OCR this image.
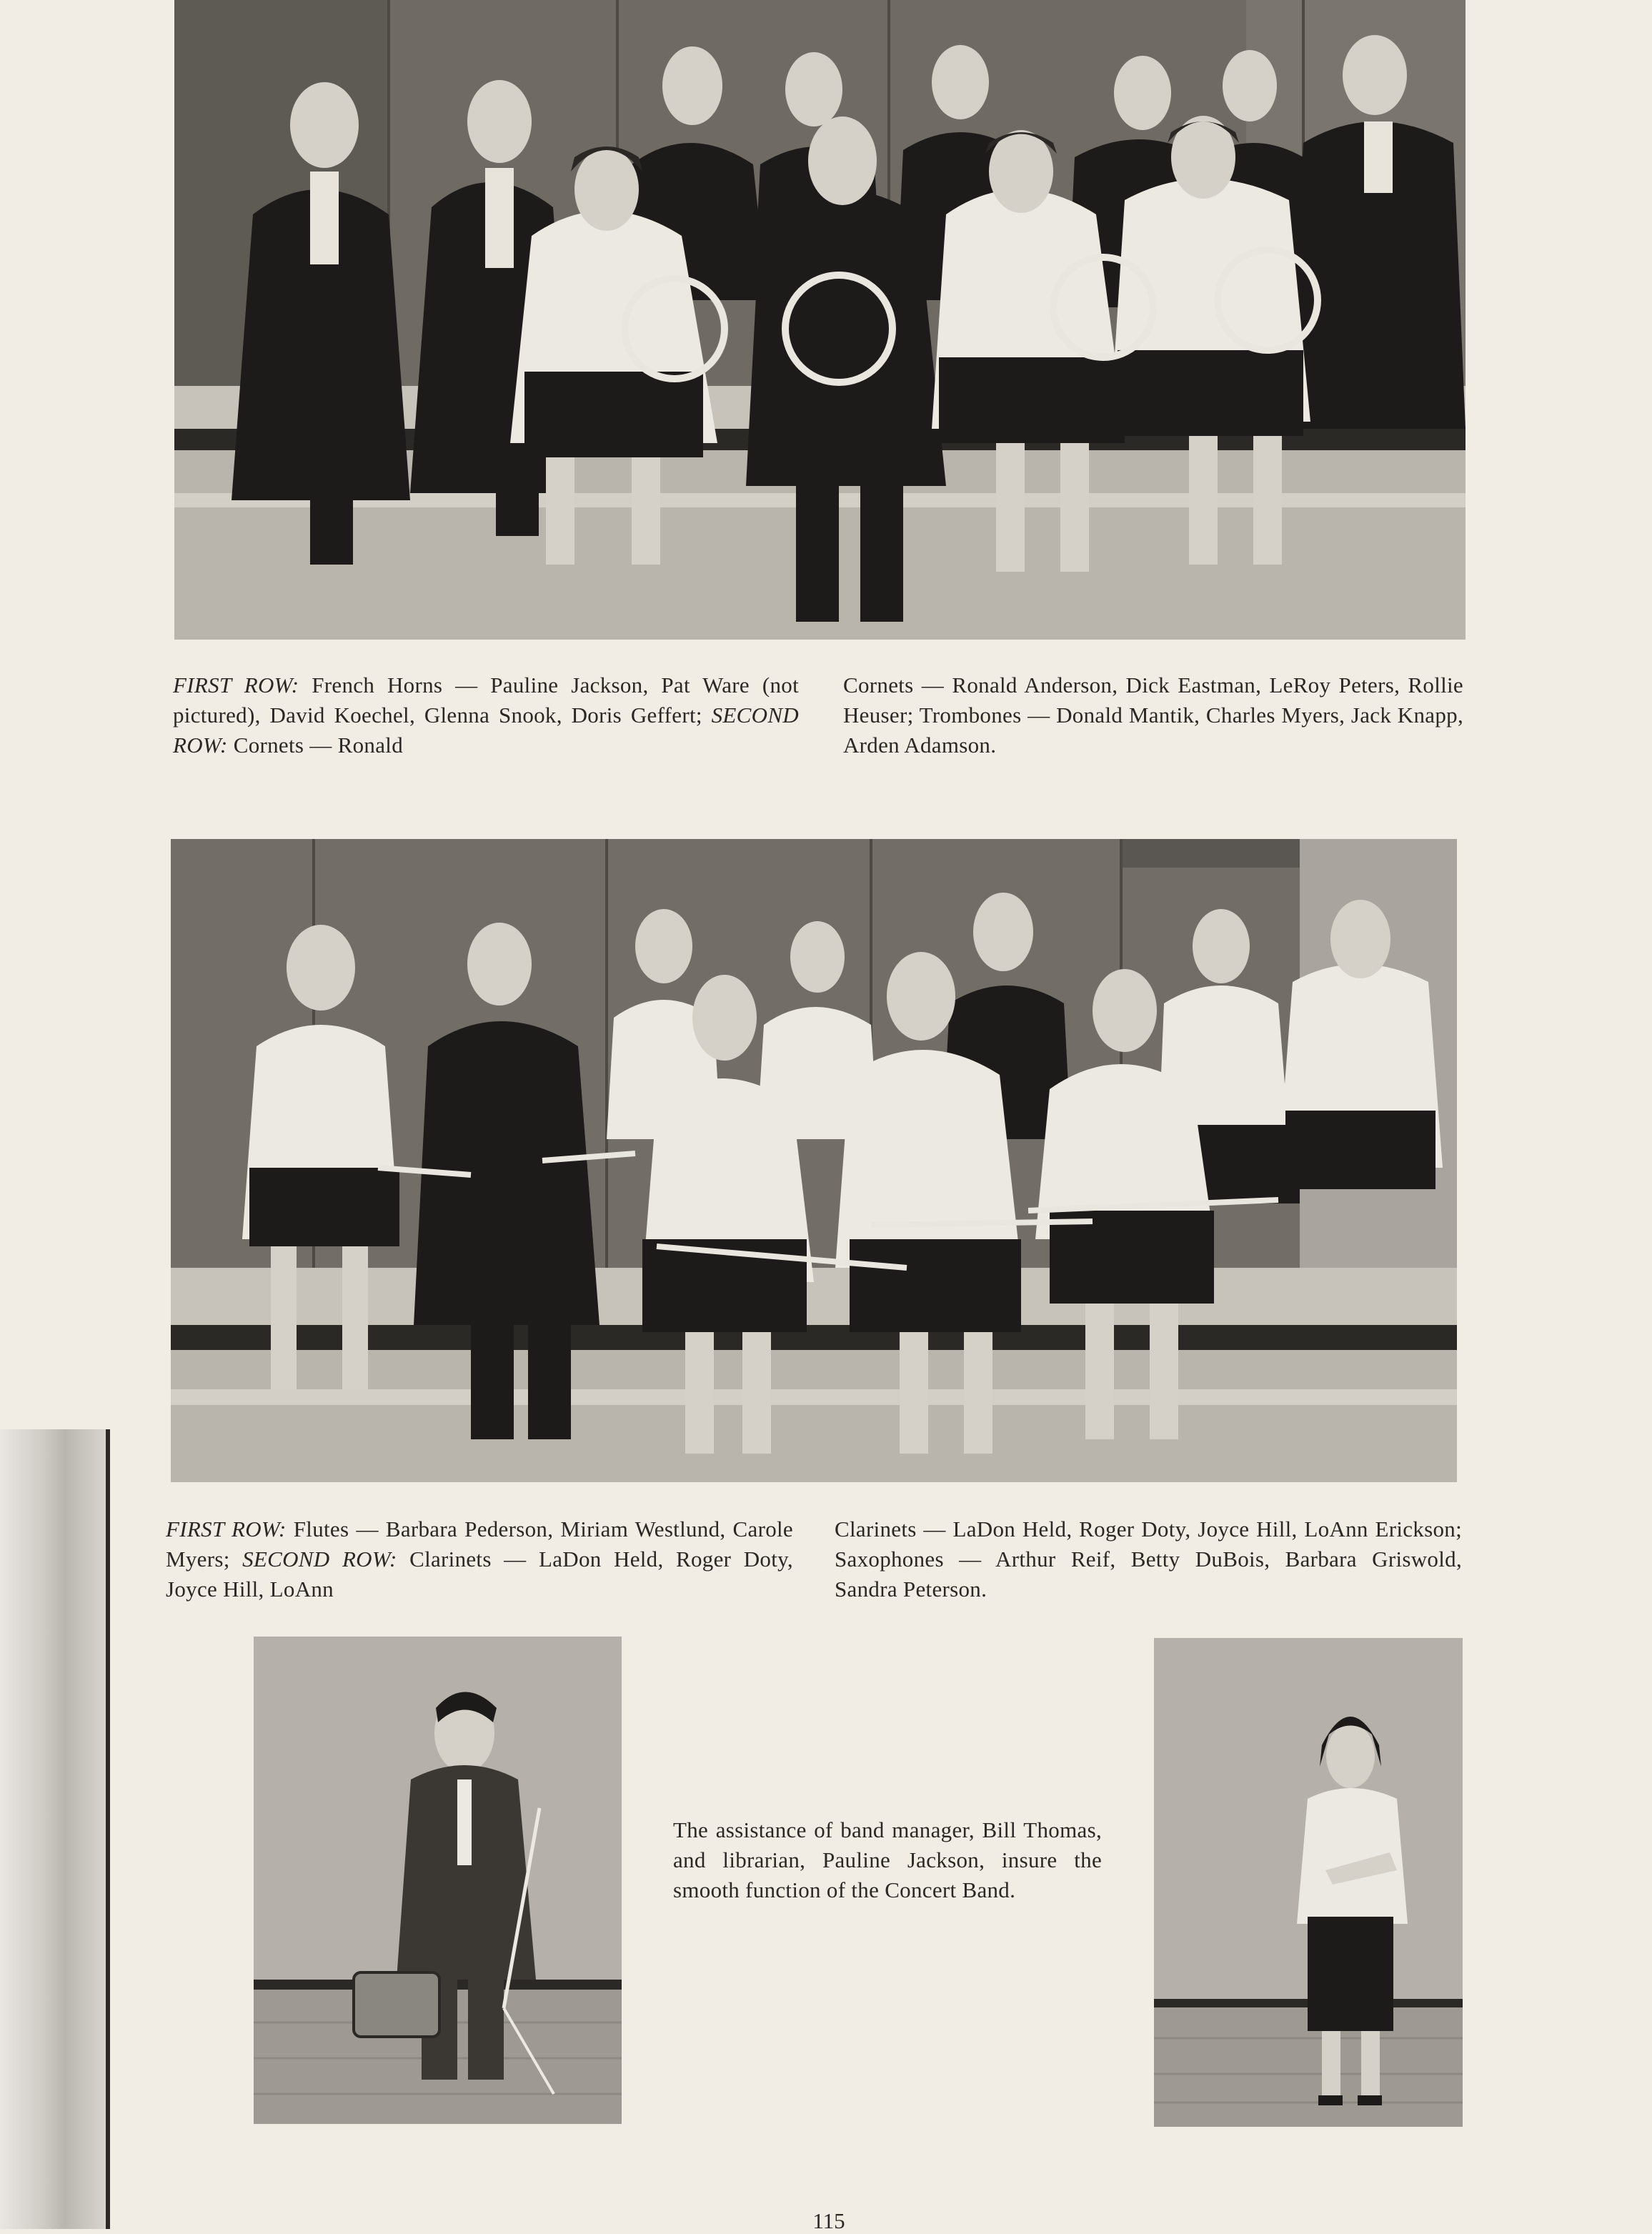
FIRST ROW: French Horns — Pauline Jackson, Pat Ware (not pictured), David Koechel, Glenna Snook, Doris Geffert; SECOND ROW: Cornets — Ronald
Cornets — Ronald Anderson, Dick Eastman, LeRoy Peters, Rollie Heuser; Trombones — Donald Mantik, Charles Myers, Jack Knapp, Arden Adamson.
FIRST ROW: Flutes — Barbara Pederson, Miriam Westlund, Carole Myers; SECOND ROW: Clarinets — LaDon Held, Roger Doty, Joyce Hill, LoAnn
Clarinets — LaDon Held, Roger Doty, Joyce Hill, LoAnn Erickson; Saxophones — Arthur Reif, Betty DuBois, Barbara Griswold, Sandra Peterson.
The assistance of band manager, Bill Thomas, and librarian, Pauline Jackson, insure the smooth function of the Concert Band.
115
